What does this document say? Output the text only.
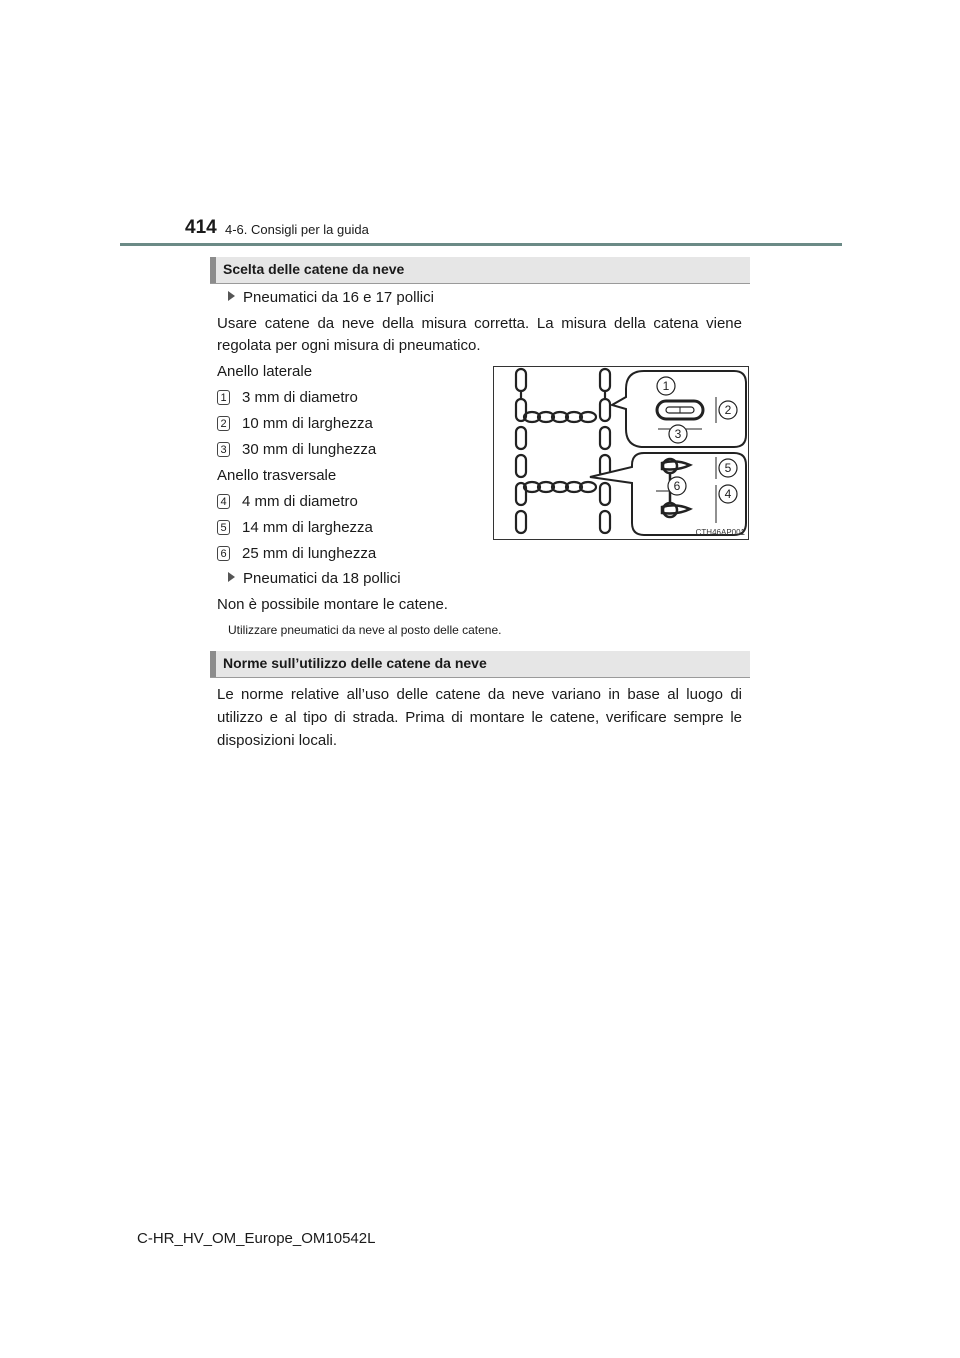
414 4-6. Consigli per la guida
Scelta delle catene da neve
Pneumatici da 16 e 17 pollici
Usare catene da neve della misura corretta. La misura della catena viene regolata per ogni misura di pneumatico.
Anello laterale
1 3 mm di diametro
2 10 mm di larghezza
3 30 mm di lunghezza
Anello trasversale
4 4 mm di diametro
5 14 mm di larghezza
6 25 mm di lunghezza
Pneumatici da 18 pollici
Non è possibile montare le catene.
Utilizzare pneumatici da neve al posto delle catene.
1
2
3
5
6
4
CTH46AP001
Norme sull’utilizzo delle catene da neve
Le norme relative all’uso delle catene da neve variano in base al luogo di utilizzo e al tipo di strada. Prima di montare le catene, verificare sempre le disposizioni locali.
C-HR_HV_OM_Europe_OM10542L
